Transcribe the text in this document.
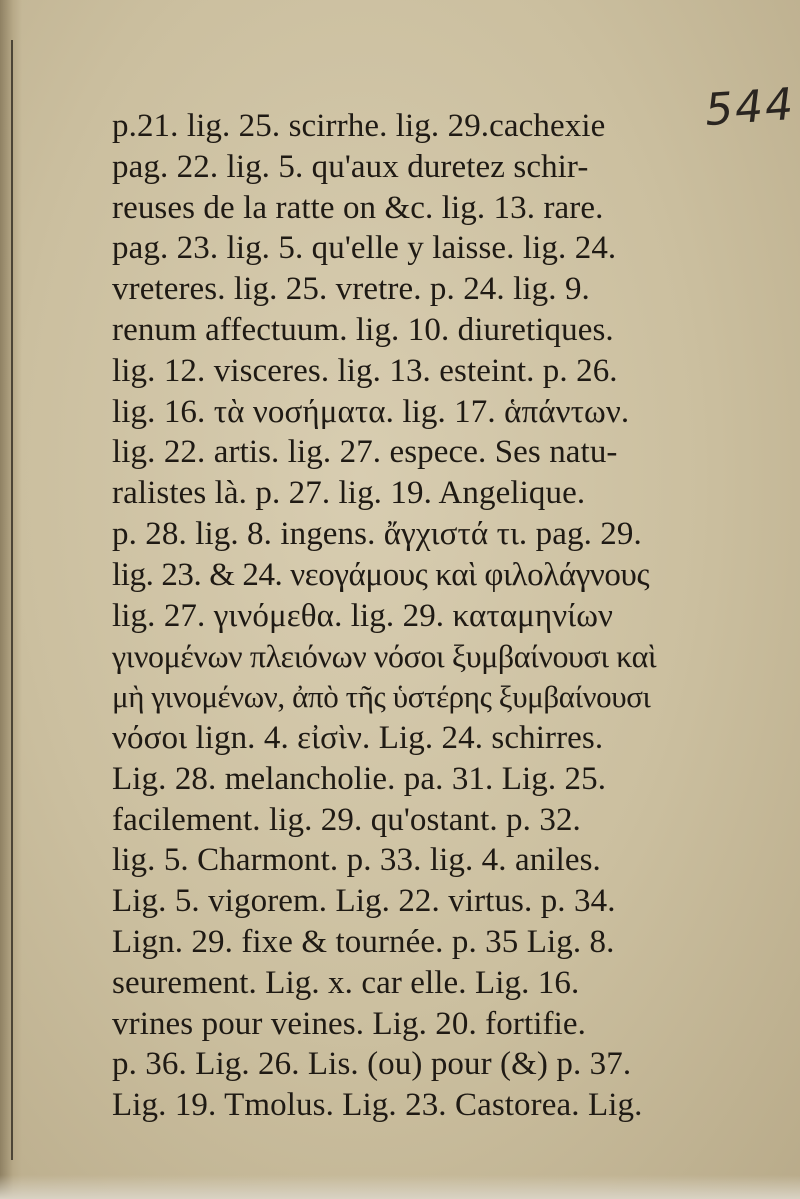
544
p.21. lig. 25. scirrhe. lig. 29.cachexie
pag. 22. lig. 5. qu'aux duretez schir-
reuses de la ratte on &c. lig. 13. rare.
pag. 23. lig. 5. qu'elle y laisse. lig. 24.
vreteres. lig. 25. vretre. p. 24. lig. 9.
renum affectuum. lig. 10. diuretiques.
lig. 12. visceres. lig. 13. esteint. p. 26.
lig. 16. τὰ νοσήματα. lig. 17. ἁπάντων.
lig. 22. artis. lig. 27. espece. Ses natu-
ralistes là. p. 27. lig. 19. Angelique.
p. 28. lig. 8. ingens. ἄγχιστά τι. pag. 29.
lig. 23. & 24. νεογάμους καὶ φιλολάγνους
lig. 27. γινόμεθα. lig. 29. καταμηνίων
γινομένων πλειόνων νόσοι ξυμβαίνουσι καὶ
μὴ γινομένων, ἀπὸ τῆς ὑστέρης ξυμβαίνουσι
νόσοι lign. 4. εἰσὶν. Lig. 24. schirres.
Lig. 28. melancholie. pa. 31. Lig. 25.
facilement. lig. 29. qu'ostant. p. 32.
lig. 5. Charmont. p. 33. lig. 4. aniles.
Lig. 5. vigorem. Lig. 22. virtus. p. 34.
Lign. 29. fixe & tournée. p. 35 Lig. 8.
seurement. Lig. x. car elle. Lig. 16.
vrines pour veines. Lig. 20. fortifie.
p. 36. Lig. 26. Lis. (ou) pour (&) p. 37.
Lig. 19. Tmolus. Lig. 23. Castorea. Lig.
